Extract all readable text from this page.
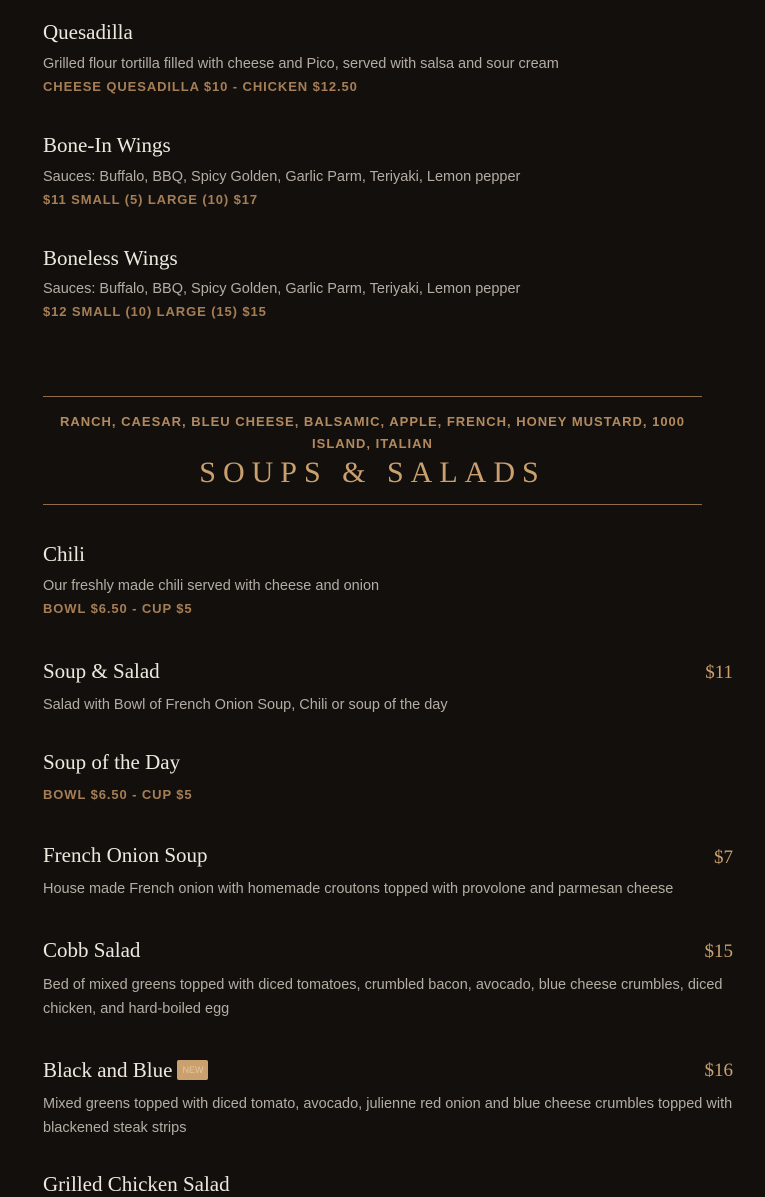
Quesadilla
Grilled flour tortilla filled with cheese and Pico, served with salsa and sour cream
CHEESE QUESADILLA $10 - CHICKEN $12.50
Bone-In Wings
Sauces: Buffalo, BBQ, Spicy Golden, Garlic Parm, Teriyaki, Lemon pepper
$11 SMALL (5) LARGE (10) $17
Boneless Wings
Sauces: Buffalo, BBQ, Spicy Golden, Garlic Parm, Teriyaki, Lemon pepper
$12 SMALL (10) LARGE (15) $15
RANCH, CAESAR, BLEU CHEESE, BALSAMIC, APPLE, FRENCH, HONEY MUSTARD, 1000 ISLAND, ITALIAN
SOUPS & SALADS
Chili
Our freshly made chili served with cheese and onion
BOWL $6.50 - CUP $5
Soup & Salad	$11
Salad with Bowl of French Onion Soup, Chili or soup of the day
Soup of the Day
BOWL $6.50 - CUP $5
French Onion Soup	$7
House made French onion with homemade croutons topped with provolone and parmesan cheese
Cobb Salad	$15
Bed of mixed greens topped with diced tomatoes, crumbled bacon, avocado, blue cheese crumbles, diced chicken, and hard-boiled egg
Black and Blue NEW	$16
Mixed greens topped with diced tomato, avocado, julienne red onion and blue cheese crumbles topped with blackened steak strips
Grilled Chicken Salad
